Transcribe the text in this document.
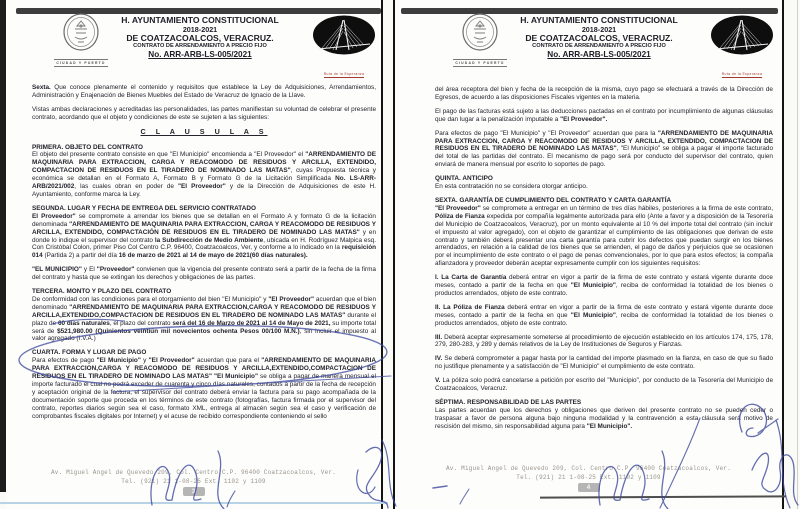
CIUDAD Y PUERTO
· · · · · · · ·
H. AYUNTAMIENTO CONSTITUCIONAL
2018-2021
DE COATZACOALCOS, VERACRUZ.
CONTRATO DE ARRENDAMIENTO A PRECIO FIJO
No. ARR-ARB-LS-005/2021
Ruta de la Esperanza

Sexta. Que conoce plenamente el contenido y requisitos que establece la Ley de Adquisiciones, Arrendamientos, Administración y Enajenación de Bienes Muebles del Estado de Veracruz de Ignacio de la Llave.

Vistas ambas declaraciones y acreditadas las personalidades, las partes manifiestan su voluntad de celebrar el presente contrato, acordando que el objeto y condiciones de este se sujeten a las siguientes:

C L A U S U L A S

PRIMERA. OBJETO DEL CONTRATO

El objeto del presente contrato consiste en que "El Municipio" encomienda a "El Proveedor" el "ARRENDAMIENTO DE MAQUINARIA PARA EXTRACCION, CARGA Y REACOMODO DE RESIDUOS Y ARCILLA, EXTENDIDO, COMPACTACION DE RESIDUOS EN EL TIRADERO DE NOMINADO LAS MATAS", cuyas Propuesta técnica y económica se detallan en el Formato A, Formato B y Formato G de la Licitación Simplificada No. LS-ARR-ARB/2021/002, las cuales obran en poder de "El Proveedor" y de la Dirección de Adquisiciones de este H. Ayuntamiento, conforme marca la Ley.

SEGUNDA. LUGAR Y FECHA DE ENTREGA DEL SERVICIO CONTRATADO

El Proveedor" se compromete a arrendar los bienes que se detallan en el Formato A y formato G de la licitación denominada "ARRENDAMIENTO DE MAQUINARIA PARA EXTRACCION, CARGA Y REACOMODO DE RESIDUOS Y ARCILLA, EXTENDIDO, COMPACTACIÓN DE RESIDUOS EN EL TIRADERO DE NOMINADO LAS MATAS" y en donde lo indique el supervisor del contrato la Subdirección de Medio Ambiente, ubicada en H. Rodríguez Malpica esq. Con Cristóbal Colon, primer Piso Col Centro C.P. 96400, Coatzacoalcos, Ver, y conforme a lo indicado en la requisición 014 (Partida 2) a partir del día 16 de marzo de 2021 al 14 de mayo de 2021(60 días naturales).

"EL MUNICIPIO" y El "Proveedor" convienen que la vigencia del presente contrato será a partir de la fecha de la firma del contrato y hasta que se extingan los derechos y obligaciones de las partes.

TERCERA. MONTO Y PLAZO DEL CONTRATO

De conformidad con las condiciones para el otorgamiento del bien "El Municipio" y "El Proveedor" acuerdan que el bien denominado "ARRENDAMIENTO DE MAQUINARIA PARA EXTRACCION,CARGA Y REACOMODO DE RESIDUOS Y ARCILLA,EXTENDIDO,COMPACTACION DE RESIDUOS EN EL TIRADERO DE NOMINADO LAS MATAS" durante el plazo de 60 días naturales, el plazo del contrato será del 16 de Marzo de 2021 al 14 de Mayo de 2021, su importe total será de $521,980.00 (Quinientos veintiún mil novecientos ochenta Pesos 00/100 M.N.), sin incluir el impuesto al valor agregado (I.V.A.)

CUARTA. FORMA Y LUGAR DE PAGO

Para efectos de pago "El Municipio" y "El Proveedor" acuerdan que para el "ARRENDAMIENTO DE MAQUINARIA PARA EXTRACCION,CARGA Y REACOMODO DE RESIDUOS Y ARCILLA,EXTENDIDO,COMPACTACION DE RESIDUOS EN EL TIRADERO DE NOMINADO LAS MATAS" "El Municipio" se obliga a pagar de manera mensual el importe facturado el cual no podrá exceder de cuarenta y cinco días naturales, contados a partir de la fecha de recepción y aceptación original de la factura, el supervisor del contrato deberá enviar la factura para su pago acompañada de la documentación soporte que proceda en los términos de este contrato (fotografías, factura firmada por el supervisor del contrato, reportes diarios según sea el caso, formato XML, entrega al almacén según sea el caso y verificación de comprobantes fiscales digitales por Internet) y el acuse de recibido correspondiente conteniendo el sello

Av. Miguel Angel de Quevedo 209, Col. Centro C.P. 96400 Coatzacoalcos, Ver.
Tel. (921) 21 1-08-25 Ext. 1102 y 1109
3
CIUDAD Y PUERTO
· · · · · · · ·
H. AYUNTAMIENTO CONSTITUCIONAL
2018-2021
DE COATZACOALCOS, VERACRUZ.
CONTRATO DE ARRENDAMIENTO A PRECIO FIJO
No. ARR-ARB-LS-005/2021
Ruta de la Esperanza

del área receptora del bien y fecha de la recepción de la misma, cuyo pago se efectuará a través de la Dirección de Egresos, de acuerdo a las disposiciones Fiscales vigentes en la materia.

El pago de las facturas está sujeto a las deducciones pactadas en el contrato por incumplimiento de algunas cláusulas que dan lugar a la penalización imputable a "El Proveedor".

Para efectos de pago "El Municipio" y "El Proveedor" acuerdan que para la "ARRENDAMIENTO DE MAQUINARIA PARA EXTRACCION, CARGA Y REACOMODO DE RESIDUOS Y ARCILLA, EXTENDIDO, COMPACTACION DE RESIDUOS EN EL TIRADERO DE NOMINADO LAS MATAS", "El Municipio" se obliga a pagar el importe facturado del total de las partidas del contrato. El mecanismo de pago será por conducto del supervisor del contrato, quien enviará de manera mensual por escrito lo soportes de pago.

QUINTA. ANTICIPO

En esta contratación no se considera otorgar anticipo.

SEXTA. GARANTÍA DE CUMPLIMIENTO DEL CONTRATO Y CARTA GARANTÍA

"El Proveedor" se compromete a entregar en un término de tres días hábiles, posteriores a la firma de este contrato, Póliza de Fianza expedida por compañía legalmente autorizada para ello (Ante a favor y a disposición de la Tesorería del Municipio de Coatzacoalcos, Veracruz), por un monto equivalente al 10 % del importe total del contrato (sin incluir el impuesto al valor agregado), con el objeto de garantizar el cumplimiento de las obligaciones que derivan de este contrato y también deberá presentar una carta garantía para cubrir los defectos que puedan surgir en los bienes arrendados, en relación a la calidad de los bienes que se arrienden, el pago de daños y perjuicios que se ocasionen por el incumplimiento de este contrato o el pago de penas convencionales, por lo que para estos efectos; la compaña afianzadora y proveedor deberán aceptar expresamente cumplir con los siguientes requisitos:

I. La Carta de Garantía deberá entrar en vigor a partir de la firma de este contrato y estará vigente durante doce meses, contado a partir de la fecha en que "El Municipio", reciba de conformidad la totalidad de los bienes o productos arrendados, objeto de este contrato.

II. La Póliza de Fianza deberá entrar en vigor a partir de la firma de este contrato y estará vigente durante doce meses, contado a partir de la fecha en que "El Municipio", reciba de conformidad la totalidad de los bienes o productos arrendados, objeto de este contrato.

III. Deberá aceptar expresamente someterse al procedimiento de ejecución establecido en los artículos 174, 175, 178, 279, 280-283, y 289 y demás relativos de la Ley de Instituciones de Seguros y Fianzas.

IV. Se deberá comprometer a pagar hasta por la cantidad del importe plasmado en la fianza, en caso de que su fiado no justifique plenamente y a satisfacción de "El Municipio" el cumplimiento de este contrato.

V. La póliza solo podrá cancelarse a petición por escrito del "Municipio", por conducto de la Tesorería del Municipio de Coatzacoalcos, Veracruz.

SÉPTIMA. RESPONSABILIDAD DE LAS PARTES

Las partes acuerdan que los derechos y obligaciones que deriven del presente contrato no se pueden ceder o traspasar a favor de persona alguna bajo ninguna modalidad y la contravención a esta cláusula será motivo de rescisión del mismo, sin responsabilidad alguna para "El Municipio".

Av. Miguel Angel de Quevedo 209, Col. Centro C.P. 96400 Coatzacoalcos, Ver.
Tel. (921) 21 1-08-25 Ext. 1102 y 1109
4
